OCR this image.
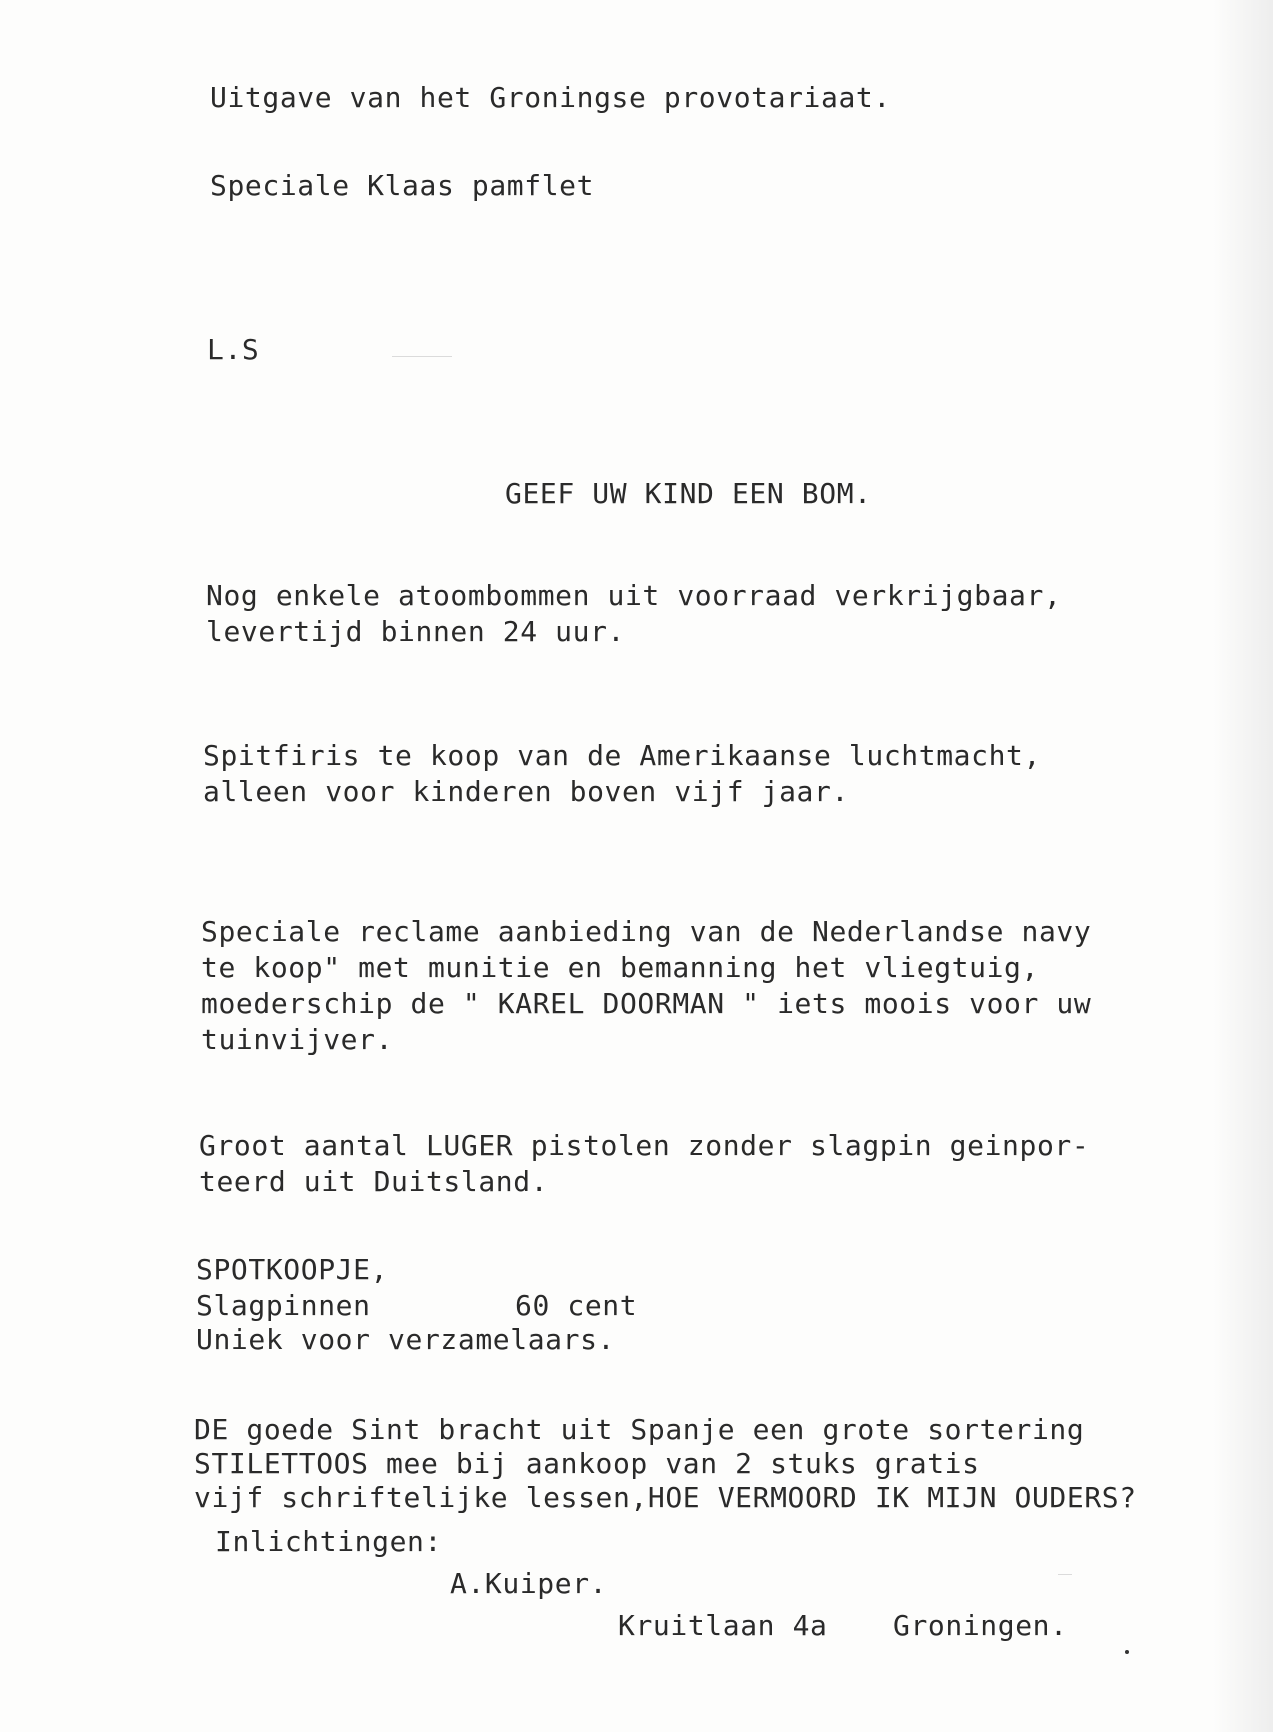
Uitgave van het Groningse provotariaat.
Speciale Klaas pamflet
L.S
GEEF UW KIND EEN BOM.
Nog enkele atoombommen uit voorraad verkrijgbaar,
levertijd binnen 24 uur.
Spitfiris te koop van de Amerikaanse luchtmacht,
alleen voor kinderen boven vijf jaar.
Speciale reclame aanbieding van de Nederlandse navy
te koop" met munitie en bemanning het vliegtuig,
moederschip de " KAREL DOORMAN " iets moois voor uw
tuinvijver.
Groot aantal LUGER pistolen zonder slagpin geinpor-
teerd uit Duitsland.
SPOTKOOPJE,
Slagpinnen	60 cent
Uniek voor verzamelaars.
DE goede Sint bracht uit Spanje een grote sortering
STILETTOOS mee bij aankoop van 2 stuks gratis
vijf schriftelijke lessen,HOE VERMOORD IK MIJN OUDERS?
Inlichtingen:
A.Kuiper.
Kruitlaan 4a Groningen.
